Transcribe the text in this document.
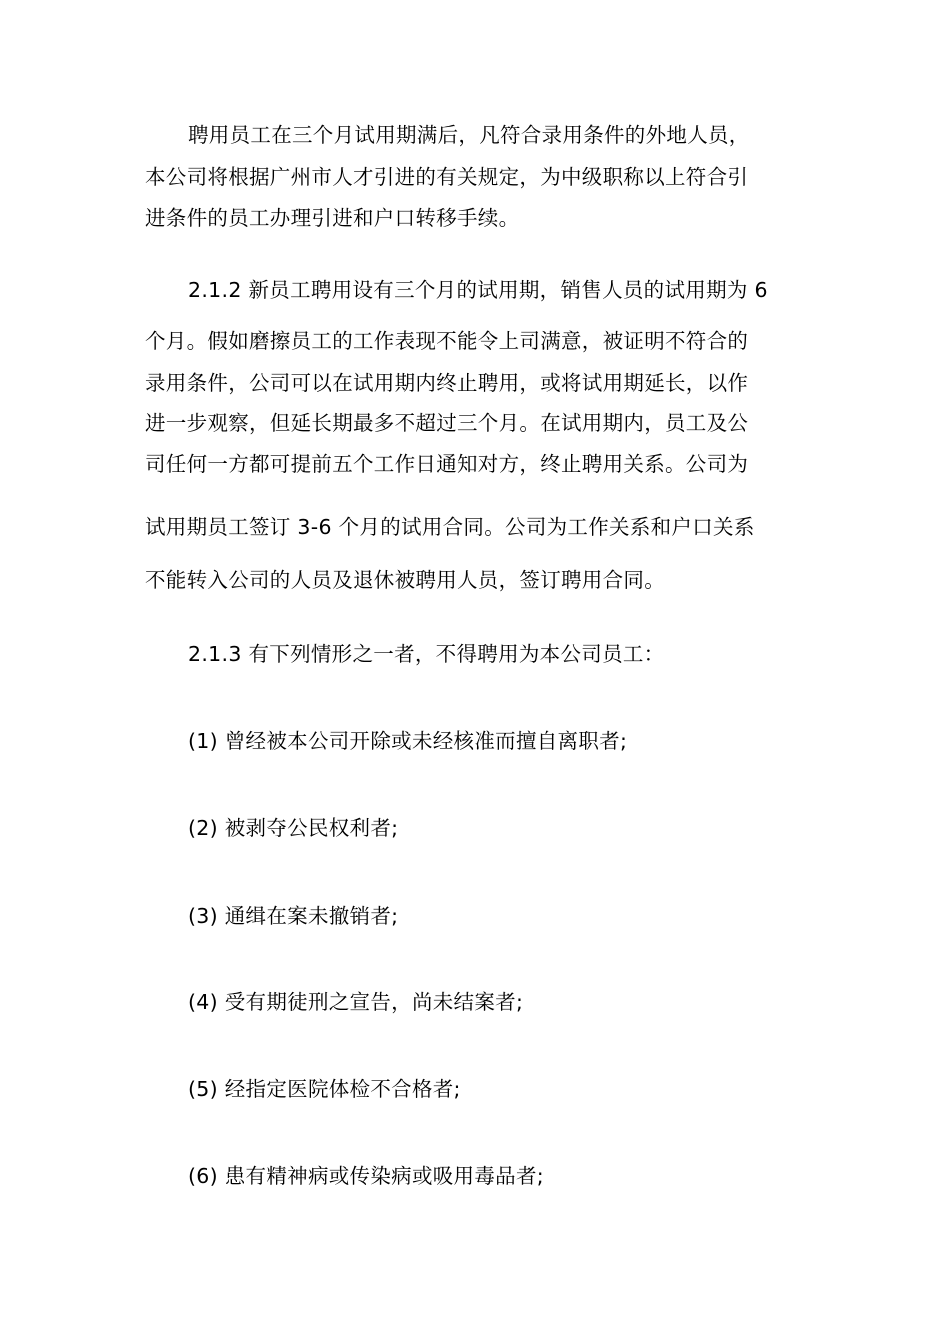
聘用员工在三个月试用期满后，凡符合录用条件的外地人员，
本公司将根据广州市人才引进的有关规定，为中级职称以上符合引
进条件的员工办理引进和户口转移手续。
2.1.2 新员工聘用设有三个月的试用期，销售人员的试用期为 6
个月。假如磨擦员工的工作表现不能令上司满意，被证明不符合的
录用条件，公司可以在试用期内终止聘用，或将试用期延长，以作
进一步观察，但延长期最多不超过三个月。在试用期内，员工及公
司任何一方都可提前五个工作日通知对方，终止聘用关系。公司为
试用期员工签订 3-6 个月的试用合同。公司为工作关系和户口关系
不能转入公司的人员及退休被聘用人员，签订聘用合同。
2.1.3 有下列情形之一者，不得聘用为本公司员工：
(1) 曾经被本公司开除或未经核准而擅自离职者;
(2) 被剥夺公民权利者;
(3) 通缉在案未撤销者;
(4) 受有期徒刑之宣告，尚未结案者;
(5) 经指定医院体检不合格者;
(6) 患有精神病或传染病或吸用毒品者;
